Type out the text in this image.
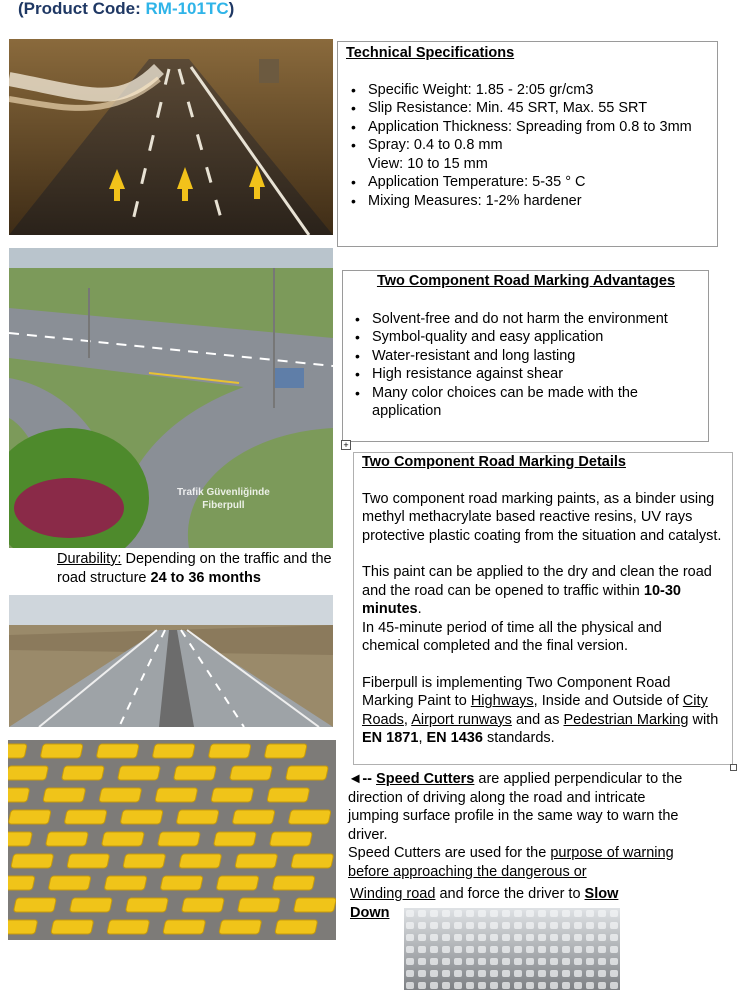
(Product Code: RM-101TC)
Technical Specifications
• Specific Weight: 1.85 - 2:05 gr/cm3
• Slip Resistance: Min. 45 SRT, Max. 55 SRT
• Application Thickness: Spreading from 0.8 to 3mm
• Spray: 0.4 to 0.8 mm
View: 10 to 15 mm
• Application Temperature: 5-35 ° C
• Mixing Measures: 1-2% hardener
Trafik Güvenliğinde
Fiberpull
Two Component Road Marking Advantages
• Solvent-free and do not harm the environment
• Symbol-quality and easy application
• Water-resistant and long lasting
• High resistance against shear
• Many color choices can be made with the application
+
Durability: Depending on the traffic and the road structure 24 to 36 months
Two Component Road Marking Details

Two component road marking paints, as a binder using methyl methacrylate based reactive resins, UV rays protective plastic coating from the situation and catalyst.

This paint can be applied to the dry and clean the road and the road can be opened to traffic within 10-30 minutes.

In 45-minute period of time all the physical and chemical completed and the final version.

Fiberpull is implementing Two Component Road Marking Paint to Highways, Inside and Outside of City Roads, Airport runways and as Pedestrian Marking with EN 1871, EN 1436 standards.

◄-- Speed Cutters are applied perpendicular to the direction of driving along the road and intricate jumping surface profile in the same way to warn the driver.

Speed Cutters are used for the purpose of warning before approaching the dangerous or

Winding road and force the driver to Slow
Down
